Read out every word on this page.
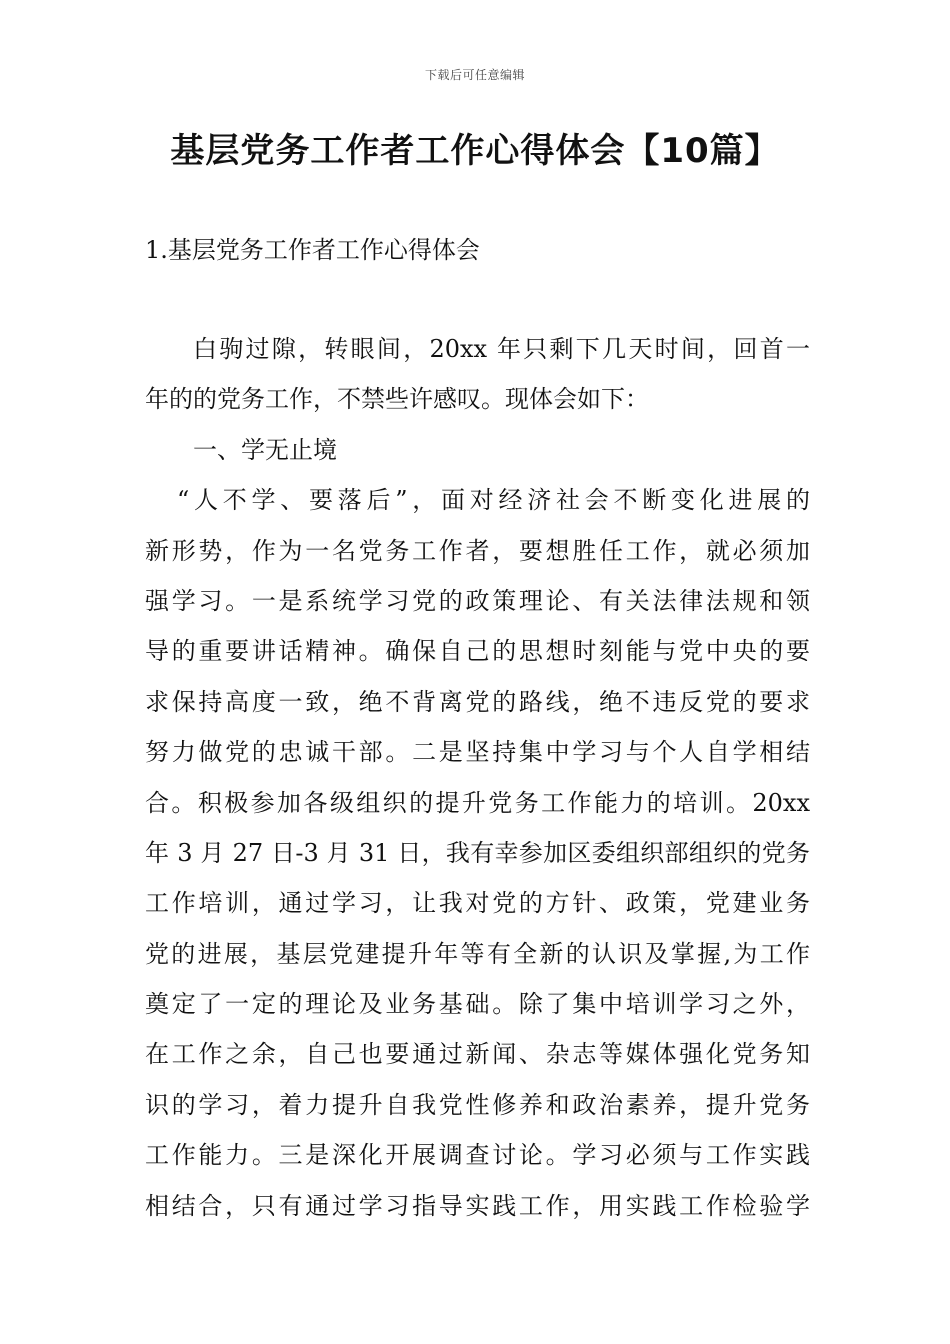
下载后可任意编辑
基层党务工作者工作心得体会【10篇】
1.基层党务工作者工作心得体会
白驹过隙，转眼间，20xx 年只剩下几天时间，回首一
年的的党务工作，不禁些许感叹。现体会如下：
一、学无止境
“人不学、要落后”，面对经济社会不断变化进展的
新形势，作为一名党务工作者，要想胜任工作，就必须加
强学习。一是系统学习党的政策理论、有关法律法规和领
导的重要讲话精神。确保自己的思想时刻能与党中央的要
求保持高度一致，绝不背离党的路线，绝不违反党的要求
努力做党的忠诚干部。二是坚持集中学习与个人自学相结
合。积极参加各级组织的提升党务工作能力的培训。20xx
年 3 月 27 日-3 月 31 日，我有幸参加区委组织部组织的党务
工作培训，通过学习，让我对党的方针、政策，党建业务
党的进展，基层党建提升年等有全新的认识及掌握,为工作
奠定了一定的理论及业务基础。除了集中培训学习之外，
在工作之余，自己也要通过新闻、杂志等媒体强化党务知
识的学习，着力提升自我党性修养和政治素养，提升党务
工作能力。三是深化开展调查讨论。学习必须与工作实践
相结合，只有通过学习指导实践工作，用实践工作检验学
